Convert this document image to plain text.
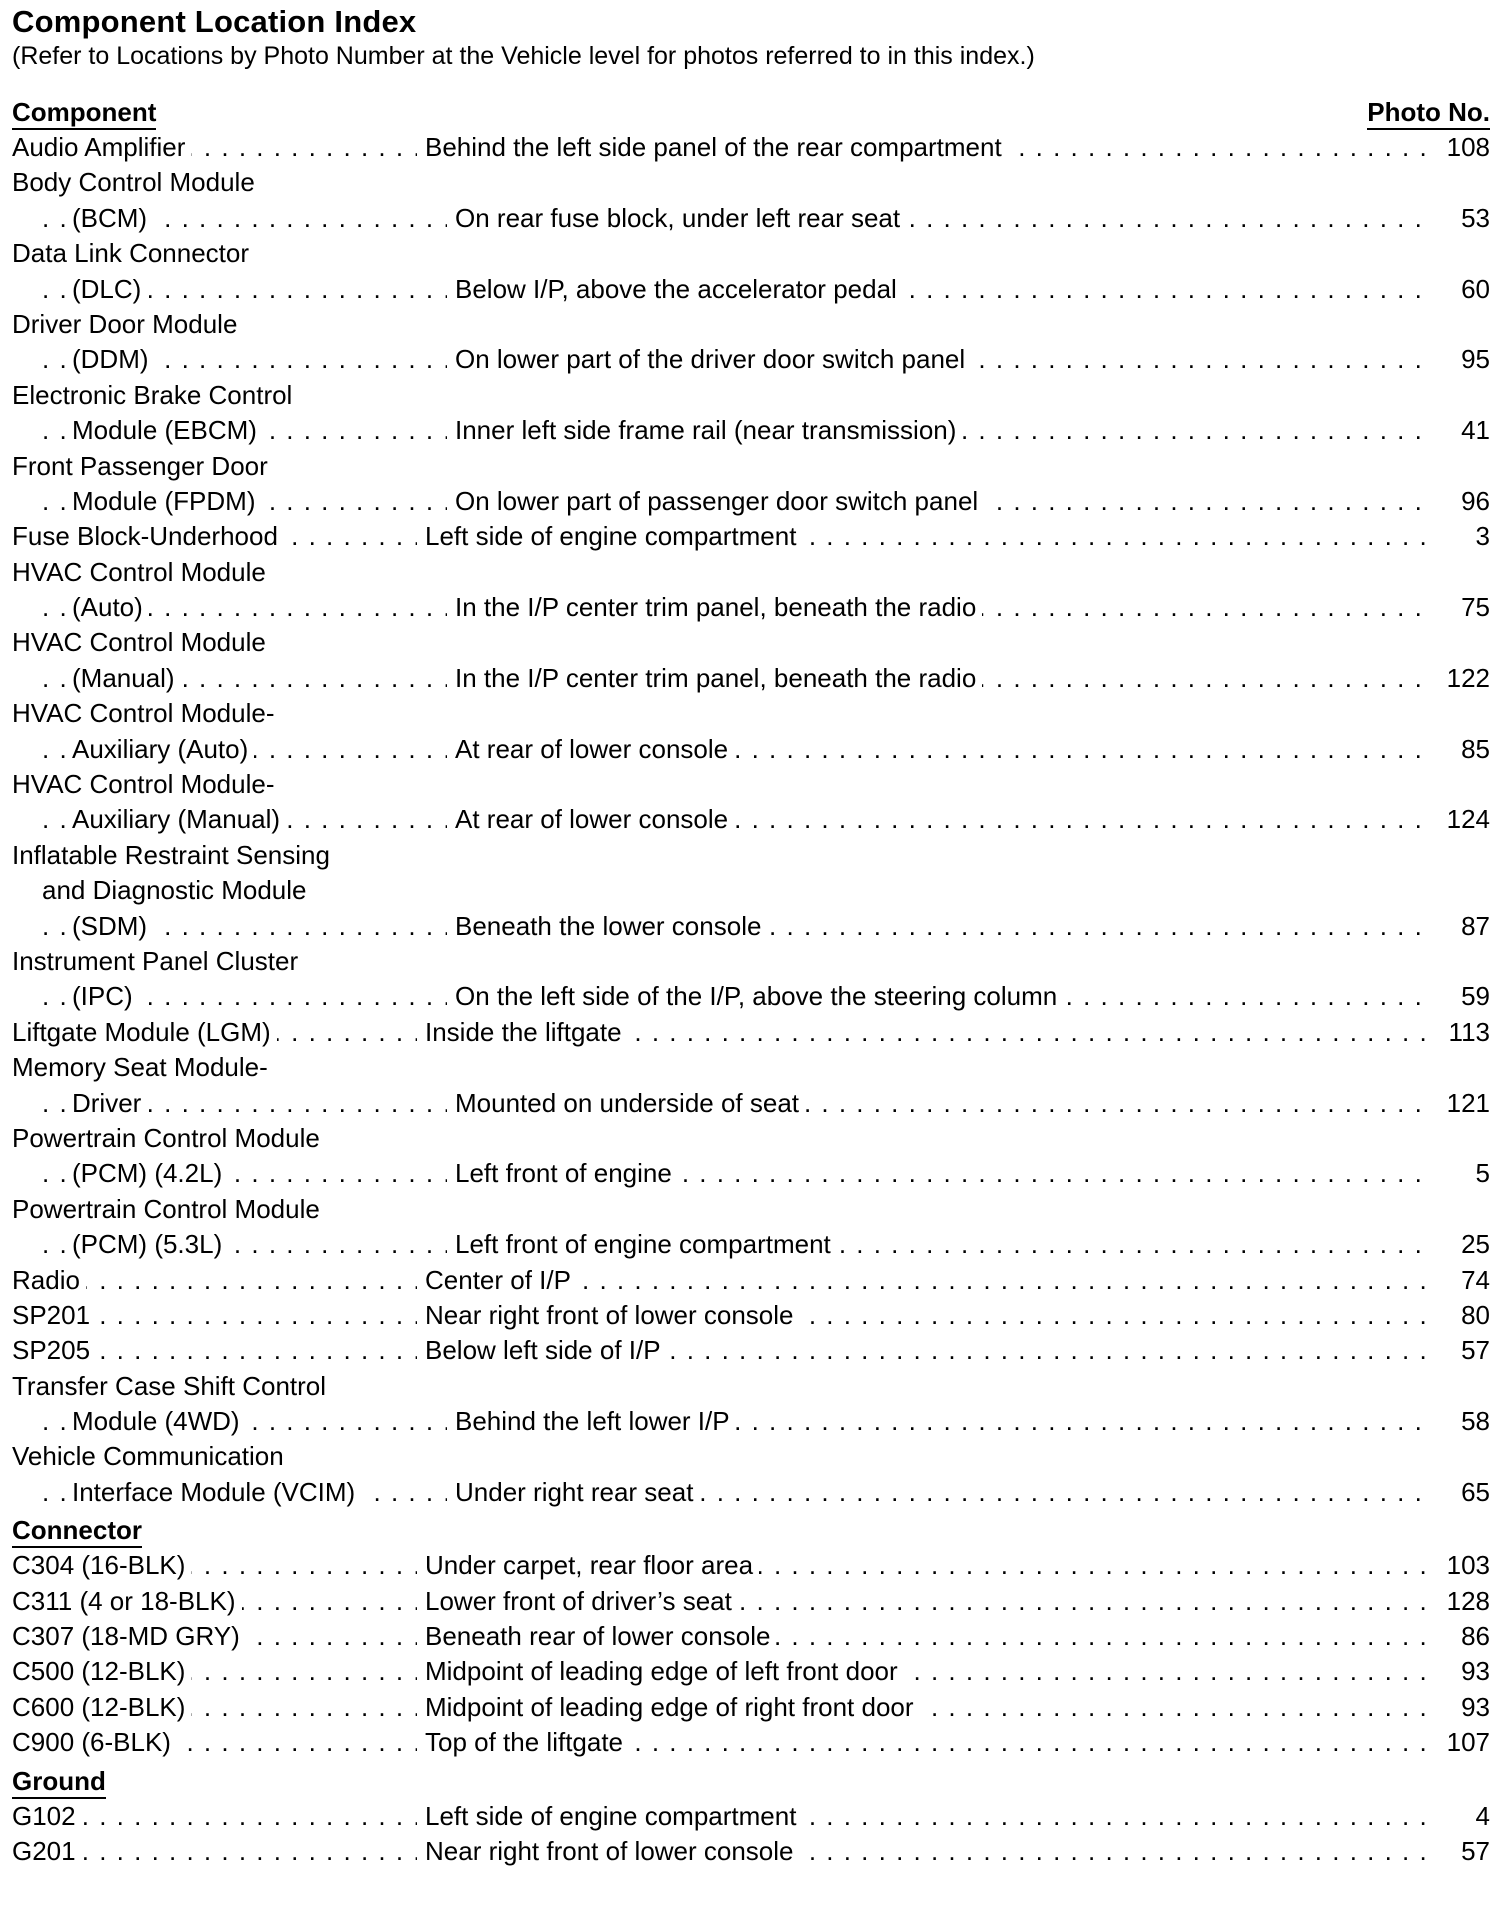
Component Location Index
(Refer to Locations by Photo Number at the Vehicle level for photos referred to in this index.)
Component	Photo No.
Audio Amplifier . . .	Behind the left side panel of the rear compartment . . .	108
Body Control Module
(BCM) . . .	On rear fuse block, under left rear seat . . .	53
Data Link Connector
(DLC) . . .	Below I/P, above the accelerator pedal . . .	60
Driver Door Module
(DDM) . . .	On lower part of the driver door switch panel . . .	95
Electronic Brake Control
Module (EBCM) . . .	Inner left side frame rail (near transmission) . . .	41
Front Passenger Door
Module (FPDM) . . .	On lower part of passenger door switch panel . . .	96
Fuse Block-Underhood . . .	Left side of engine compartment . . .	3
HVAC Control Module
(Auto) . . .	In the I/P center trim panel, beneath the radio . . .	75
HVAC Control Module
(Manual) . . .	In the I/P center trim panel, beneath the radio . . .	122
HVAC Control Module-
Auxiliary (Auto) . . .	At rear of lower console . . .	85
HVAC Control Module-
Auxiliary (Manual) . . .	At rear of lower console . . .	124
Inflatable Restraint Sensing
and Diagnostic Module
(SDM) . . .	Beneath the lower console . . .	87
Instrument Panel Cluster
(IPC) . . .	On the left side of the I/P, above the steering column . . .	59
Liftgate Module (LGM) . . .	Inside the liftgate . . .	113
Memory Seat Module-
Driver . . .	Mounted on underside of seat . . .	121
Powertrain Control Module
(PCM) (4.2L) . . .	Left front of engine . . .	5
Powertrain Control Module
(PCM) (5.3L) . . .	Left front of engine compartment . . .	25
Radio . . .	Center of I/P . . .	74
SP201 . . .	Near right front of lower console . . .	80
SP205 . . .	Below left side of I/P . . .	57
Transfer Case Shift Control
Module (4WD) . . .	Behind the left lower I/P . . .	58
Vehicle Communication
Interface Module (VCIM) . . .	Under right rear seat . . .	65
Connector
C304 (16-BLK) . . .	Under carpet, rear floor area . . .	103
C311 (4 or 18-BLK) . . .	Lower front of driver’s seat . . .	128
C307 (18-MD GRY) . . .	Beneath rear of lower console . . .	86
C500 (12-BLK) . . .	Midpoint of leading edge of left front door . . .	93
C600 (12-BLK) . . .	Midpoint of leading edge of right front door . . .	93
C900 (6-BLK) . . .	Top of the liftgate . . .	107
Ground
G102 . . .	Left side of engine compartment . . .	4
G201 . . .	Near right front of lower console . . .	57
